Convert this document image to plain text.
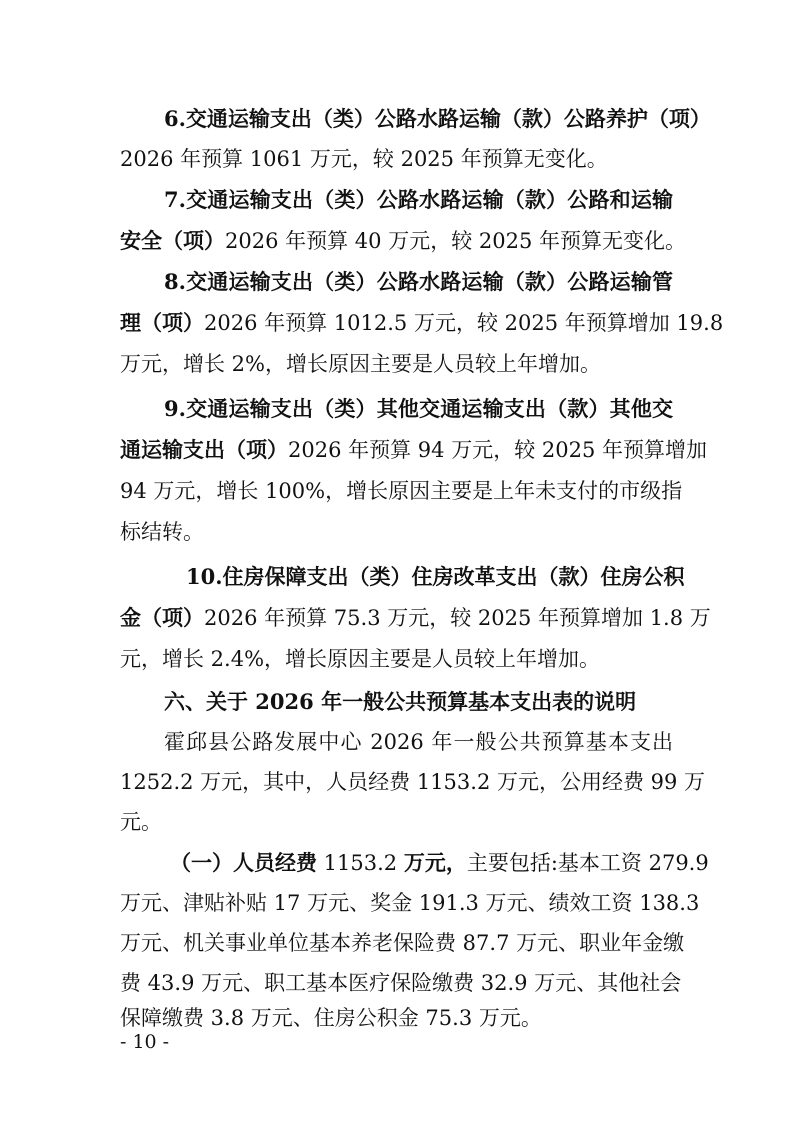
6.交通运输支出（类）公路水路运输（款）公路养护（项）
2026 年预算 1061 万元，较 2025 年预算无变化。
7.交通运输支出（类）公路水路运输（款）公路和运输
安全（项）2026 年预算 40 万元，较 2025 年预算无变化。
8.交通运输支出（类）公路水路运输（款）公路运输管
理（项）2026 年预算 1012.5 万元，较 2025 年预算增加 19.8
万元，增长 2%，增长原因主要是人员较上年增加。
9.交通运输支出（类）其他交通运输支出（款）其他交
通运输支出（项）2026 年预算 94 万元，较 2025 年预算增加
94 万元，增长 100%，增长原因主要是上年未支付的市级指
标结转。
10.住房保障支出（类）住房改革支出（款）住房公积
金（项）2026 年预算 75.3 万元，较 2025 年预算增加 1.8 万
元，增长 2.4%，增长原因主要是人员较上年增加。
六、关于 2026 年一般公共预算基本支出表的说明
霍邱县公路发展中心 2026 年一般公共预算基本支出
1252.2 万元，其中，人员经费 1153.2 万元，公用经费 99 万
元。
（一）人员经费 1153.2 万元，主要包括:基本工资 279.9
万元、津贴补贴 17 万元、奖金 191.3 万元、绩效工资 138.3
万元、机关事业单位基本养老保险费 87.7 万元、职业年金缴
费 43.9 万元、职工基本医疗保险缴费 32.9 万元、其他社会
保障缴费 3.8 万元、住房公积金 75.3 万元。
- 10 -
